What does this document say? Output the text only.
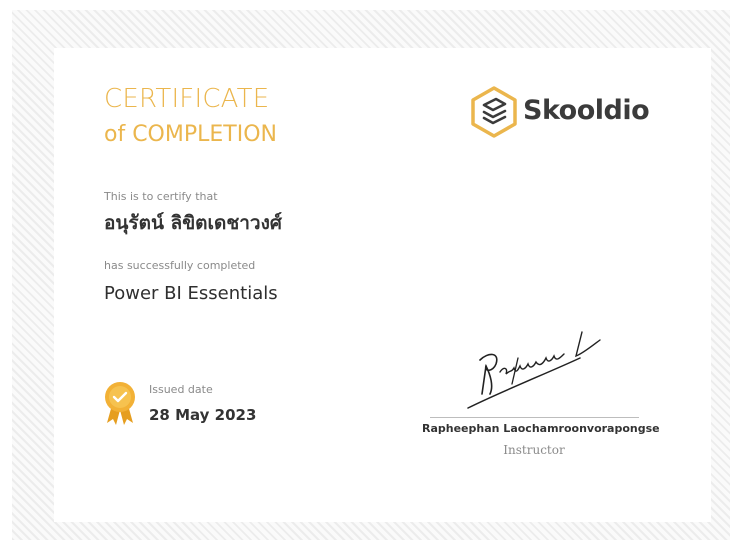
CERTIFICATE
of COMPLETION
This is to certify that
อนุรัตน์ ลิขิตเดชาวงศ์
has successfully completed
Power BI Essentials
Issued date
28 May 2023
Skooldio
Rapheephan Laochamroonvorapongse
Instructor
